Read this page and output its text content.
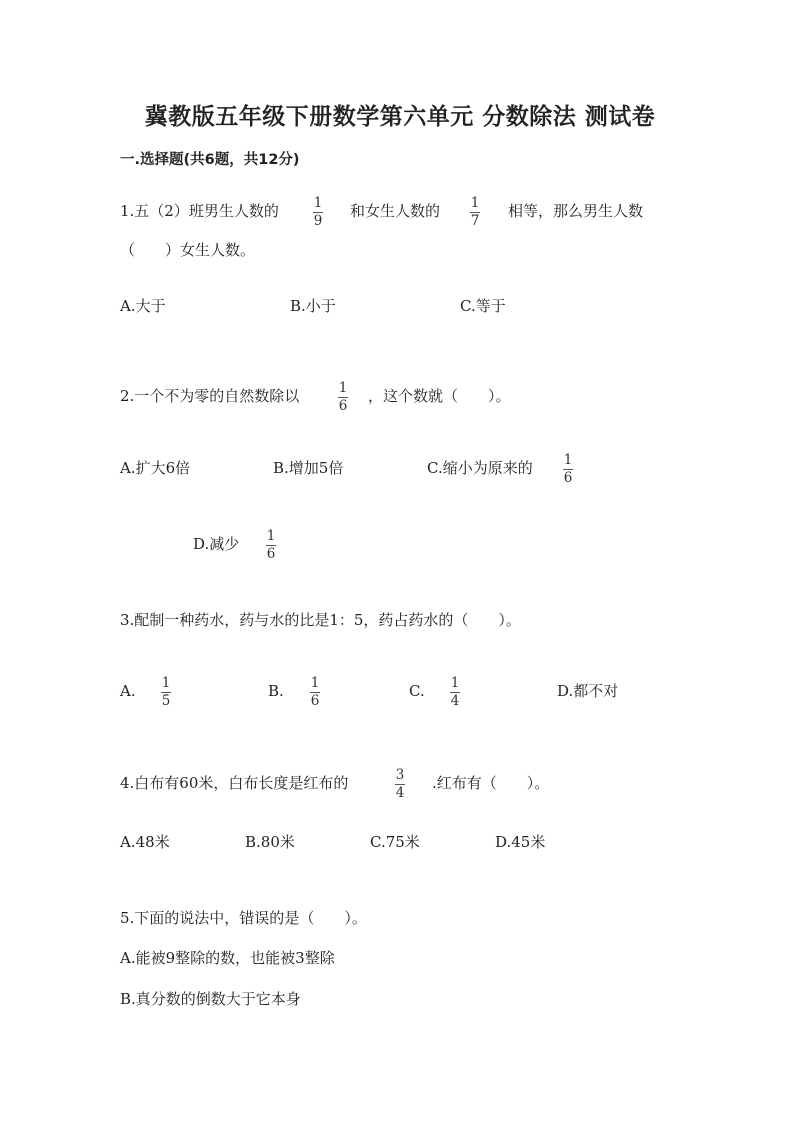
冀教版五年级下册数学第六单元 分数除法 测试卷
一.选择题(共6题，共12分)
1.五（2）班男生人数的	1
9
和女生人数的 1
7
相等，那么男生人数
（　　）女生人数。
A.大于	B.小于	C.等于
2.一个不为零的自然数除以	1
6
，这个数就（　　）。
A.扩大6倍	B.增加5倍	C.缩小为原来的 1
6
D.减少 1
6
3.配制一种药水，药与水的比是1：5，药占药水的（　　）。
A. 1
5
B. 1
6
C. 1
4
D.都不对
4.白布有60米，白布长度是红布的	3
4
.红布有（　　）。
A.48米	B.80米	C.75米	D.45米
5.下面的说法中，错误的是（　　）。
A.能被9整除的数，也能被3整除
B.真分数的倒数大于它本身
